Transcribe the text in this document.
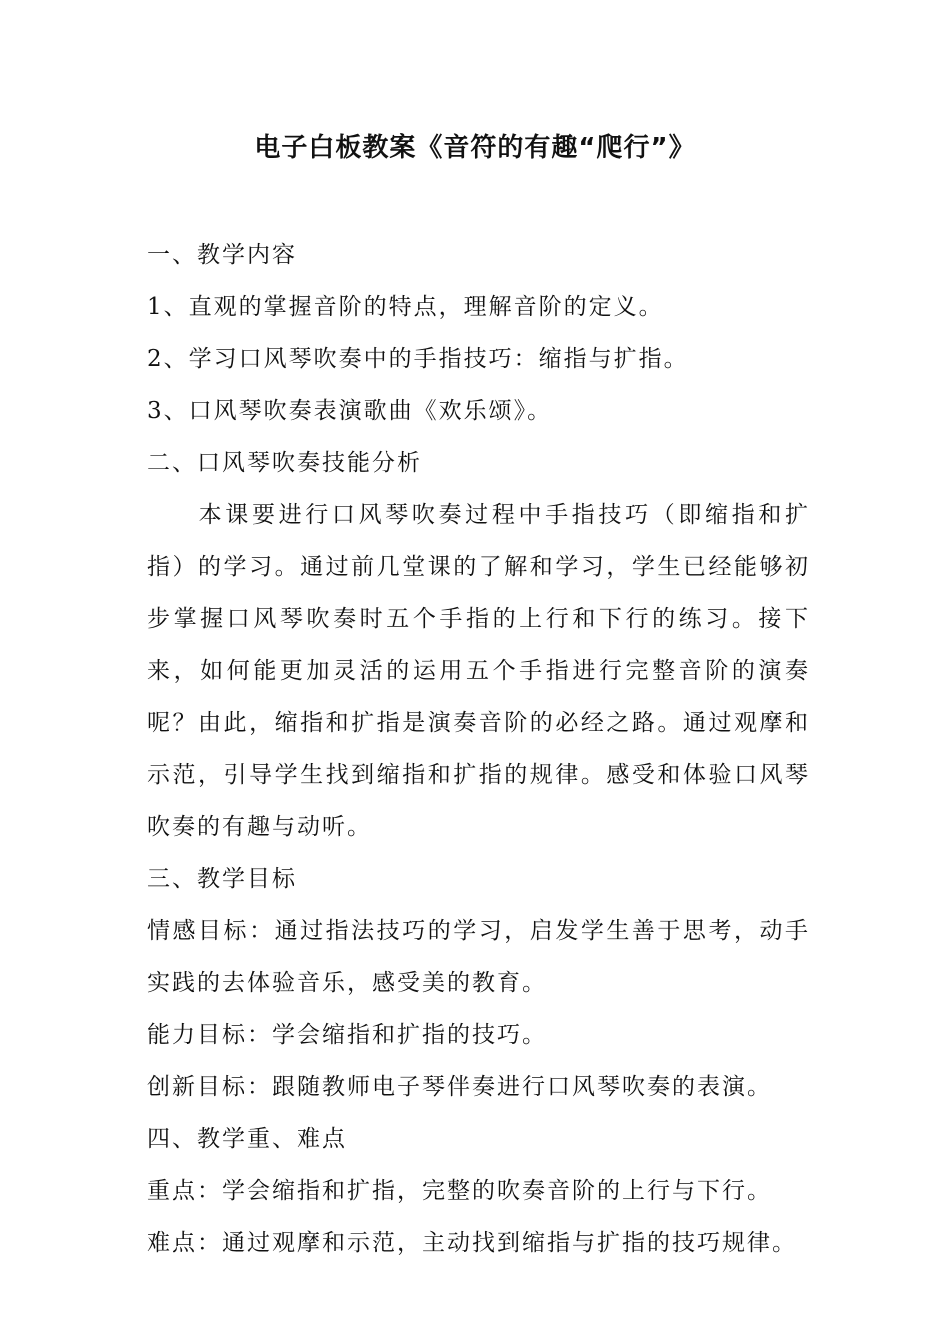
电子白板教案《音符的有趣“爬行”》
一、教学内容
1、直观的掌握音阶的特点，理解音阶的定义。
2、学习口风琴吹奏中的手指技巧：缩指与扩指。
3、口风琴吹奏表演歌曲《欢乐颂》。
二、口风琴吹奏技能分析
本课要进行口风琴吹奏过程中手指技巧（即缩指和扩指）的学习。通过前几堂课的了解和学习，学生已经能够初步掌握口风琴吹奏时五个手指的上行和下行的练习。接下来，如何能更加灵活的运用五个手指进行完整音阶的演奏呢？由此，缩指和扩指是演奏音阶的必经之路。通过观摩和示范，引导学生找到缩指和扩指的规律。感受和体验口风琴吹奏的有趣与动听。
三、教学目标
情感目标：通过指法技巧的学习，启发学生善于思考，动手实践的去体验音乐，感受美的教育。
能力目标：学会缩指和扩指的技巧。
创新目标：跟随教师电子琴伴奏进行口风琴吹奏的表演。
四、教学重、难点
重点：学会缩指和扩指，完整的吹奏音阶的上行与下行。
难点：通过观摩和示范，主动找到缩指与扩指的技巧规律。
